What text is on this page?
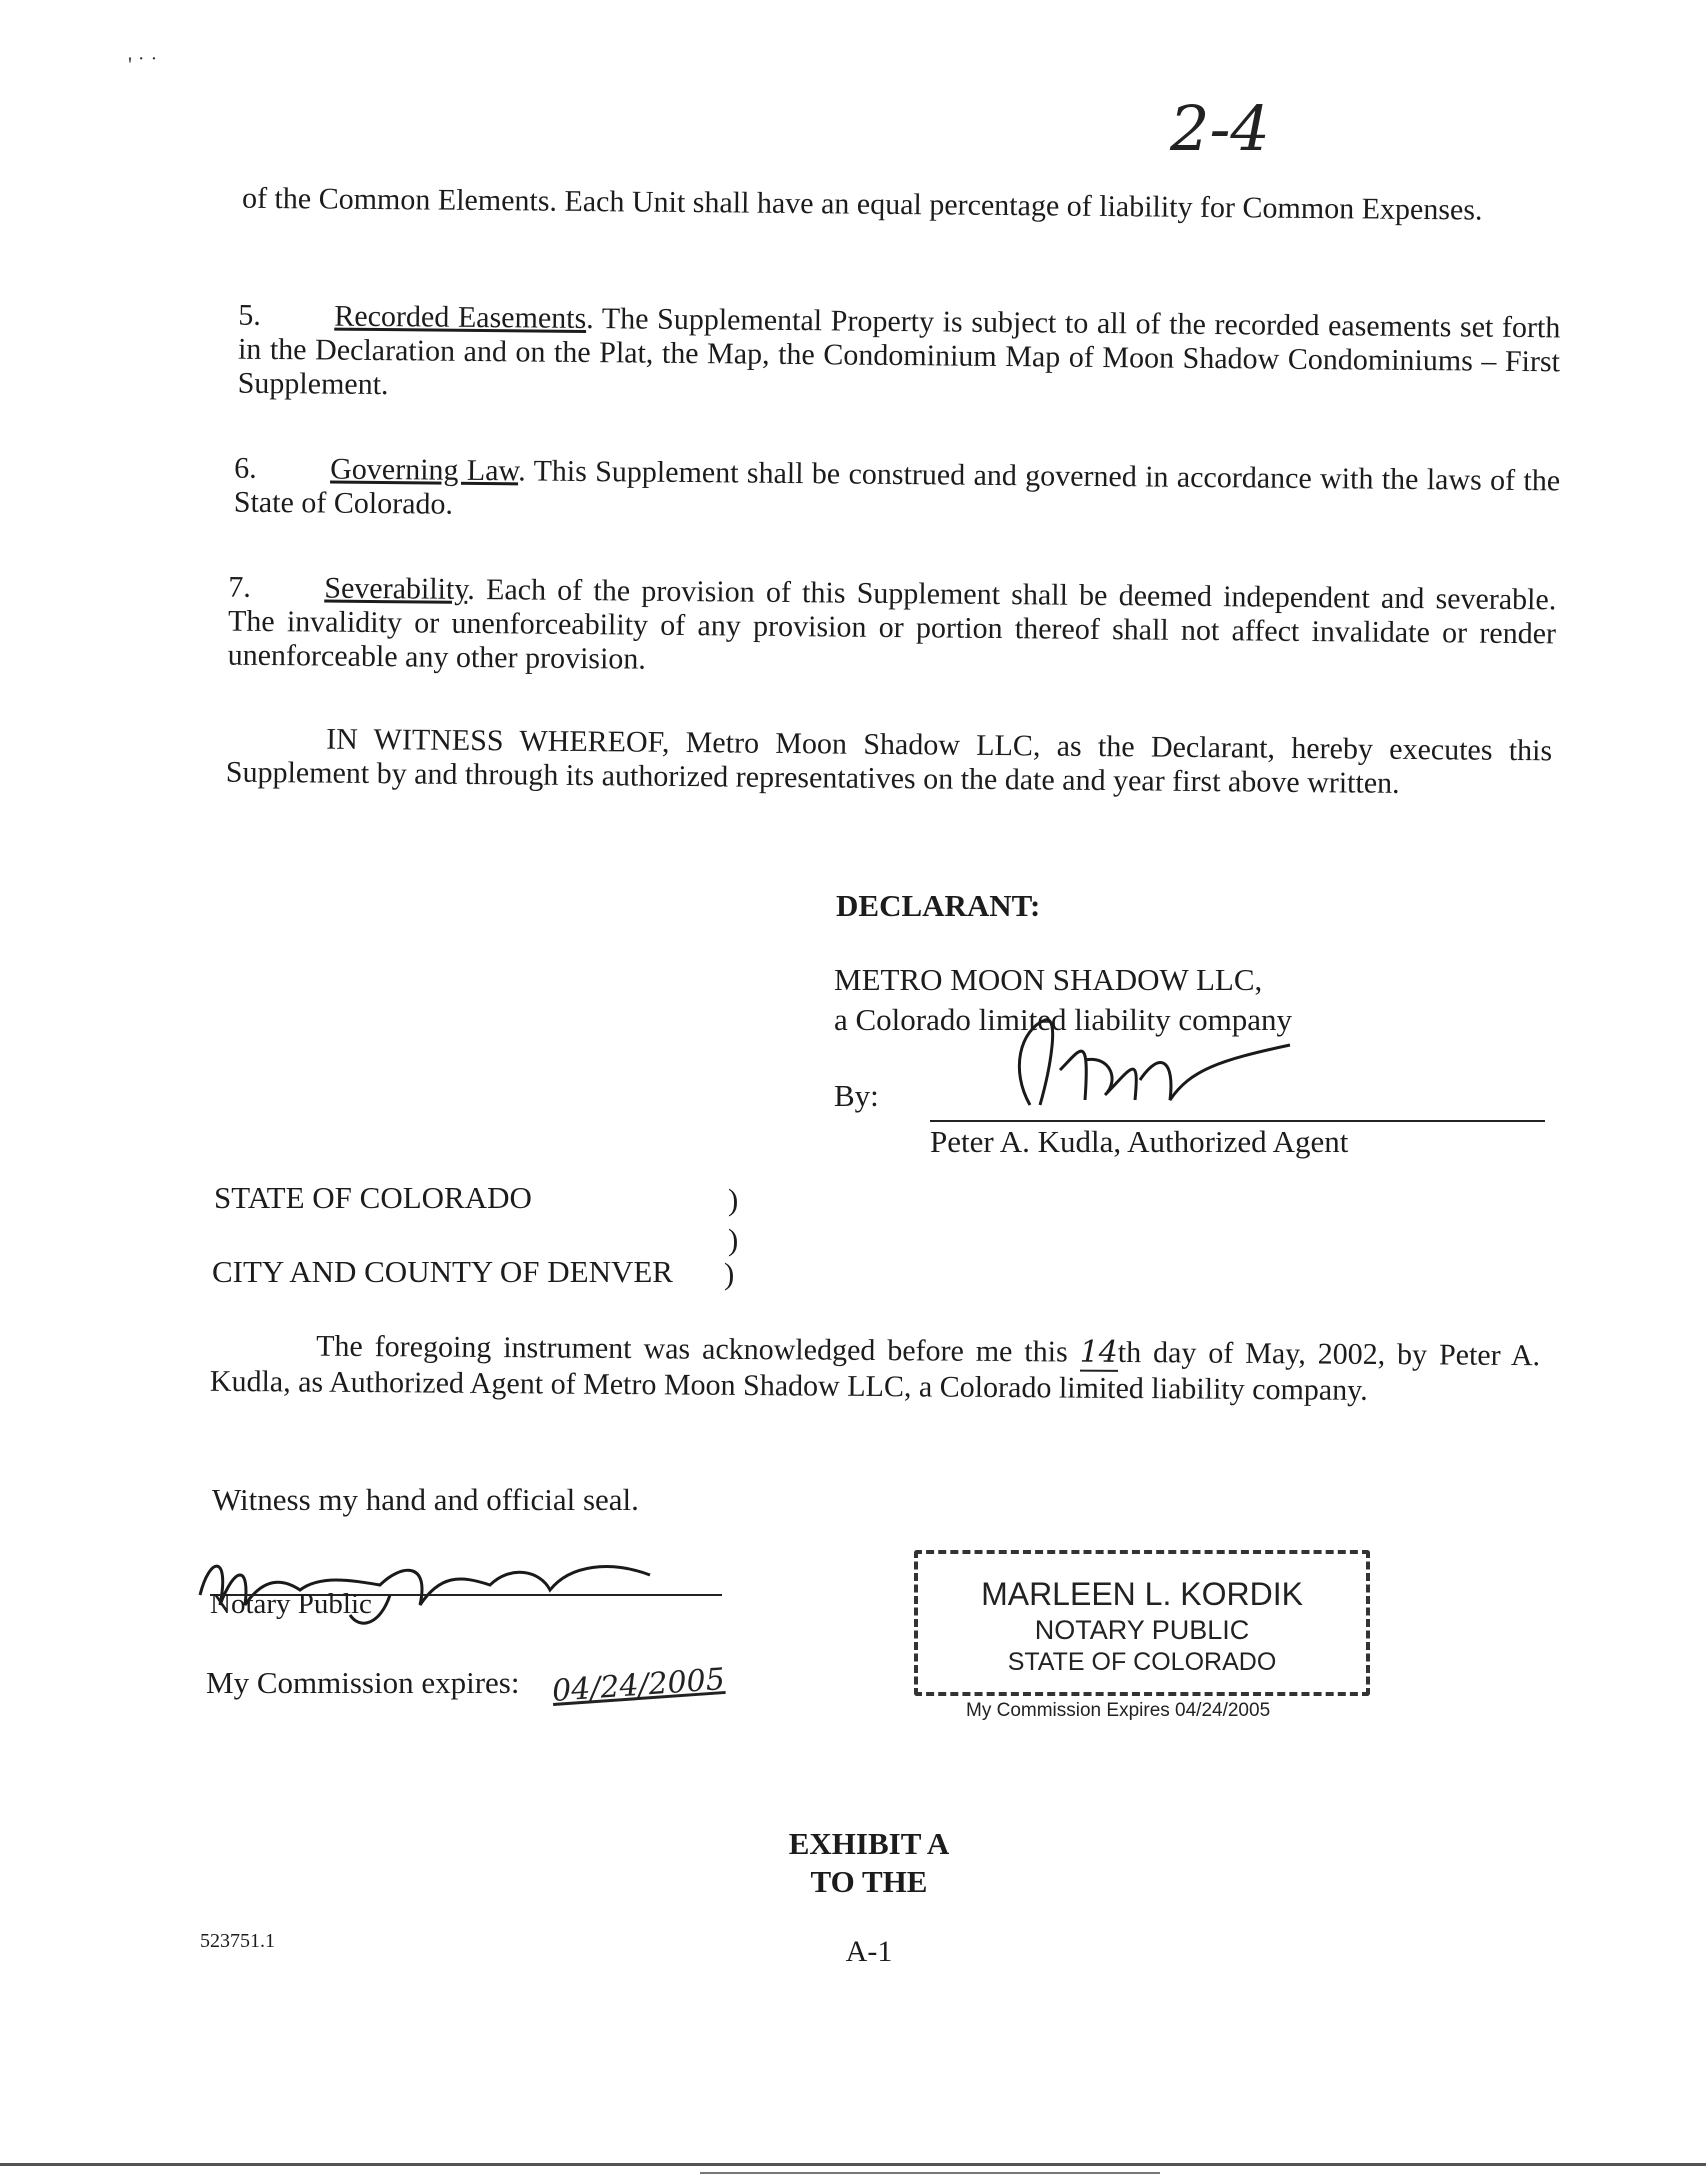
' ˙ ˙
2-4

of the Common Elements. Each Unit shall have an equal percentage of liability for Common Expenses.

5. Recorded Easements. The Supplemental Property is subject to all of the recorded easements set forth in the Declaration and on the Plat, the Map, the Condominium Map of Moon Shadow Condominiums – First Supplement.

6. Governing Law. This Supplement shall be construed and governed in accordance with the laws of the State of Colorado.

7. Severability. Each of the provision of this Supplement shall be deemed independent and severable. The invalidity or unenforceability of any provision or portion thereof shall not affect invalidate or render unenforceable any other provision.

IN WITNESS WHEREOF, Metro Moon Shadow LLC, as the Declarant, hereby executes this Supplement by and through its authorized representatives on the date and year first above written.

DECLARANT:
METRO MOON SHADOW LLC,
a Colorado limited liability company
By:
Peter A. Kudla, Authorized Agent
STATE OF COLORADO	)
)
CITY AND COUNTY OF DENVER )

The foregoing instrument was acknowledged before me this 14th day of May, 2002, by Peter A. Kudla, as Authorized Agent of Metro Moon Shadow LLC, a Colorado limited liability company.

Witness my hand and official seal.
Notary Public
My Commission expires: 04/24/2005
MARLEEN L. KORDIK
NOTARY PUBLIC
STATE OF COLORADO
My Commission Expires 04/24/2005
EXHIBIT A
TO THE
523751.1	A-1
